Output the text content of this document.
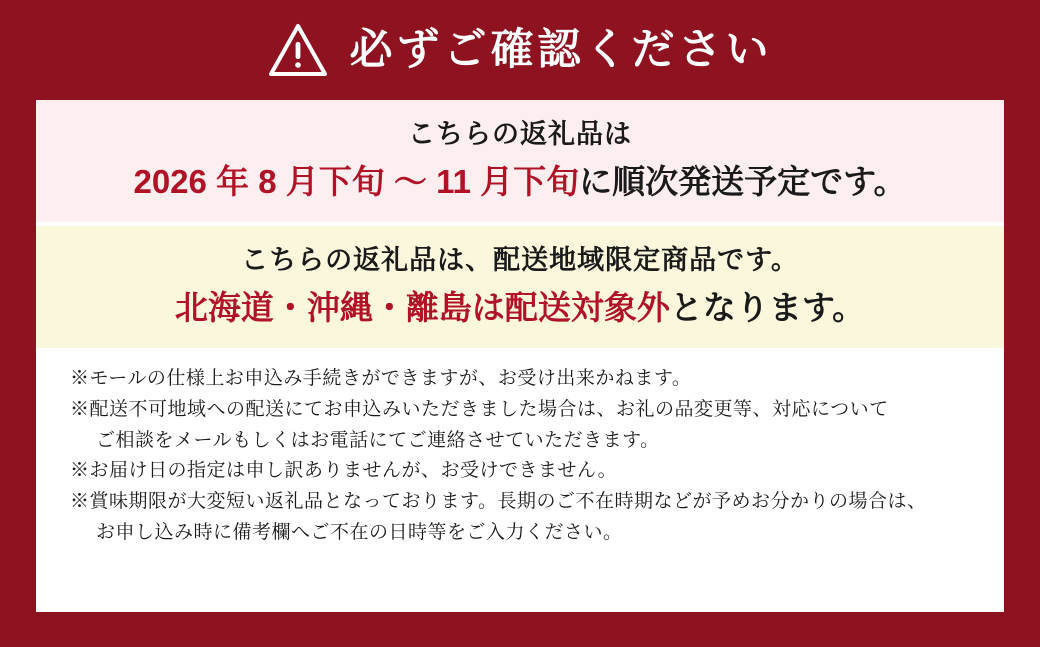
必ずご確認ください
こちらの返礼品は
2026 年 8 月下旬 〜 11 月下旬に順次発送予定です。
こちらの返礼品は、配送地域限定商品です。
北海道・沖縄・離島は配送対象外となります。
※モールの仕様上お申込み手続きができますが、お受け出来かねます。
※配送不可地域への配送にてお申込みいただきました場合は、お礼の品変更等、対応について
ご相談をメールもしくはお電話にてご連絡させていただきます。
※お届け日の指定は申し訳ありませんが、お受けできません。
※賞味期限が大変短い返礼品となっております。長期のご不在時期などが予めお分かりの場合は、
お申し込み時に備考欄へご不在の日時等をご入力ください。
